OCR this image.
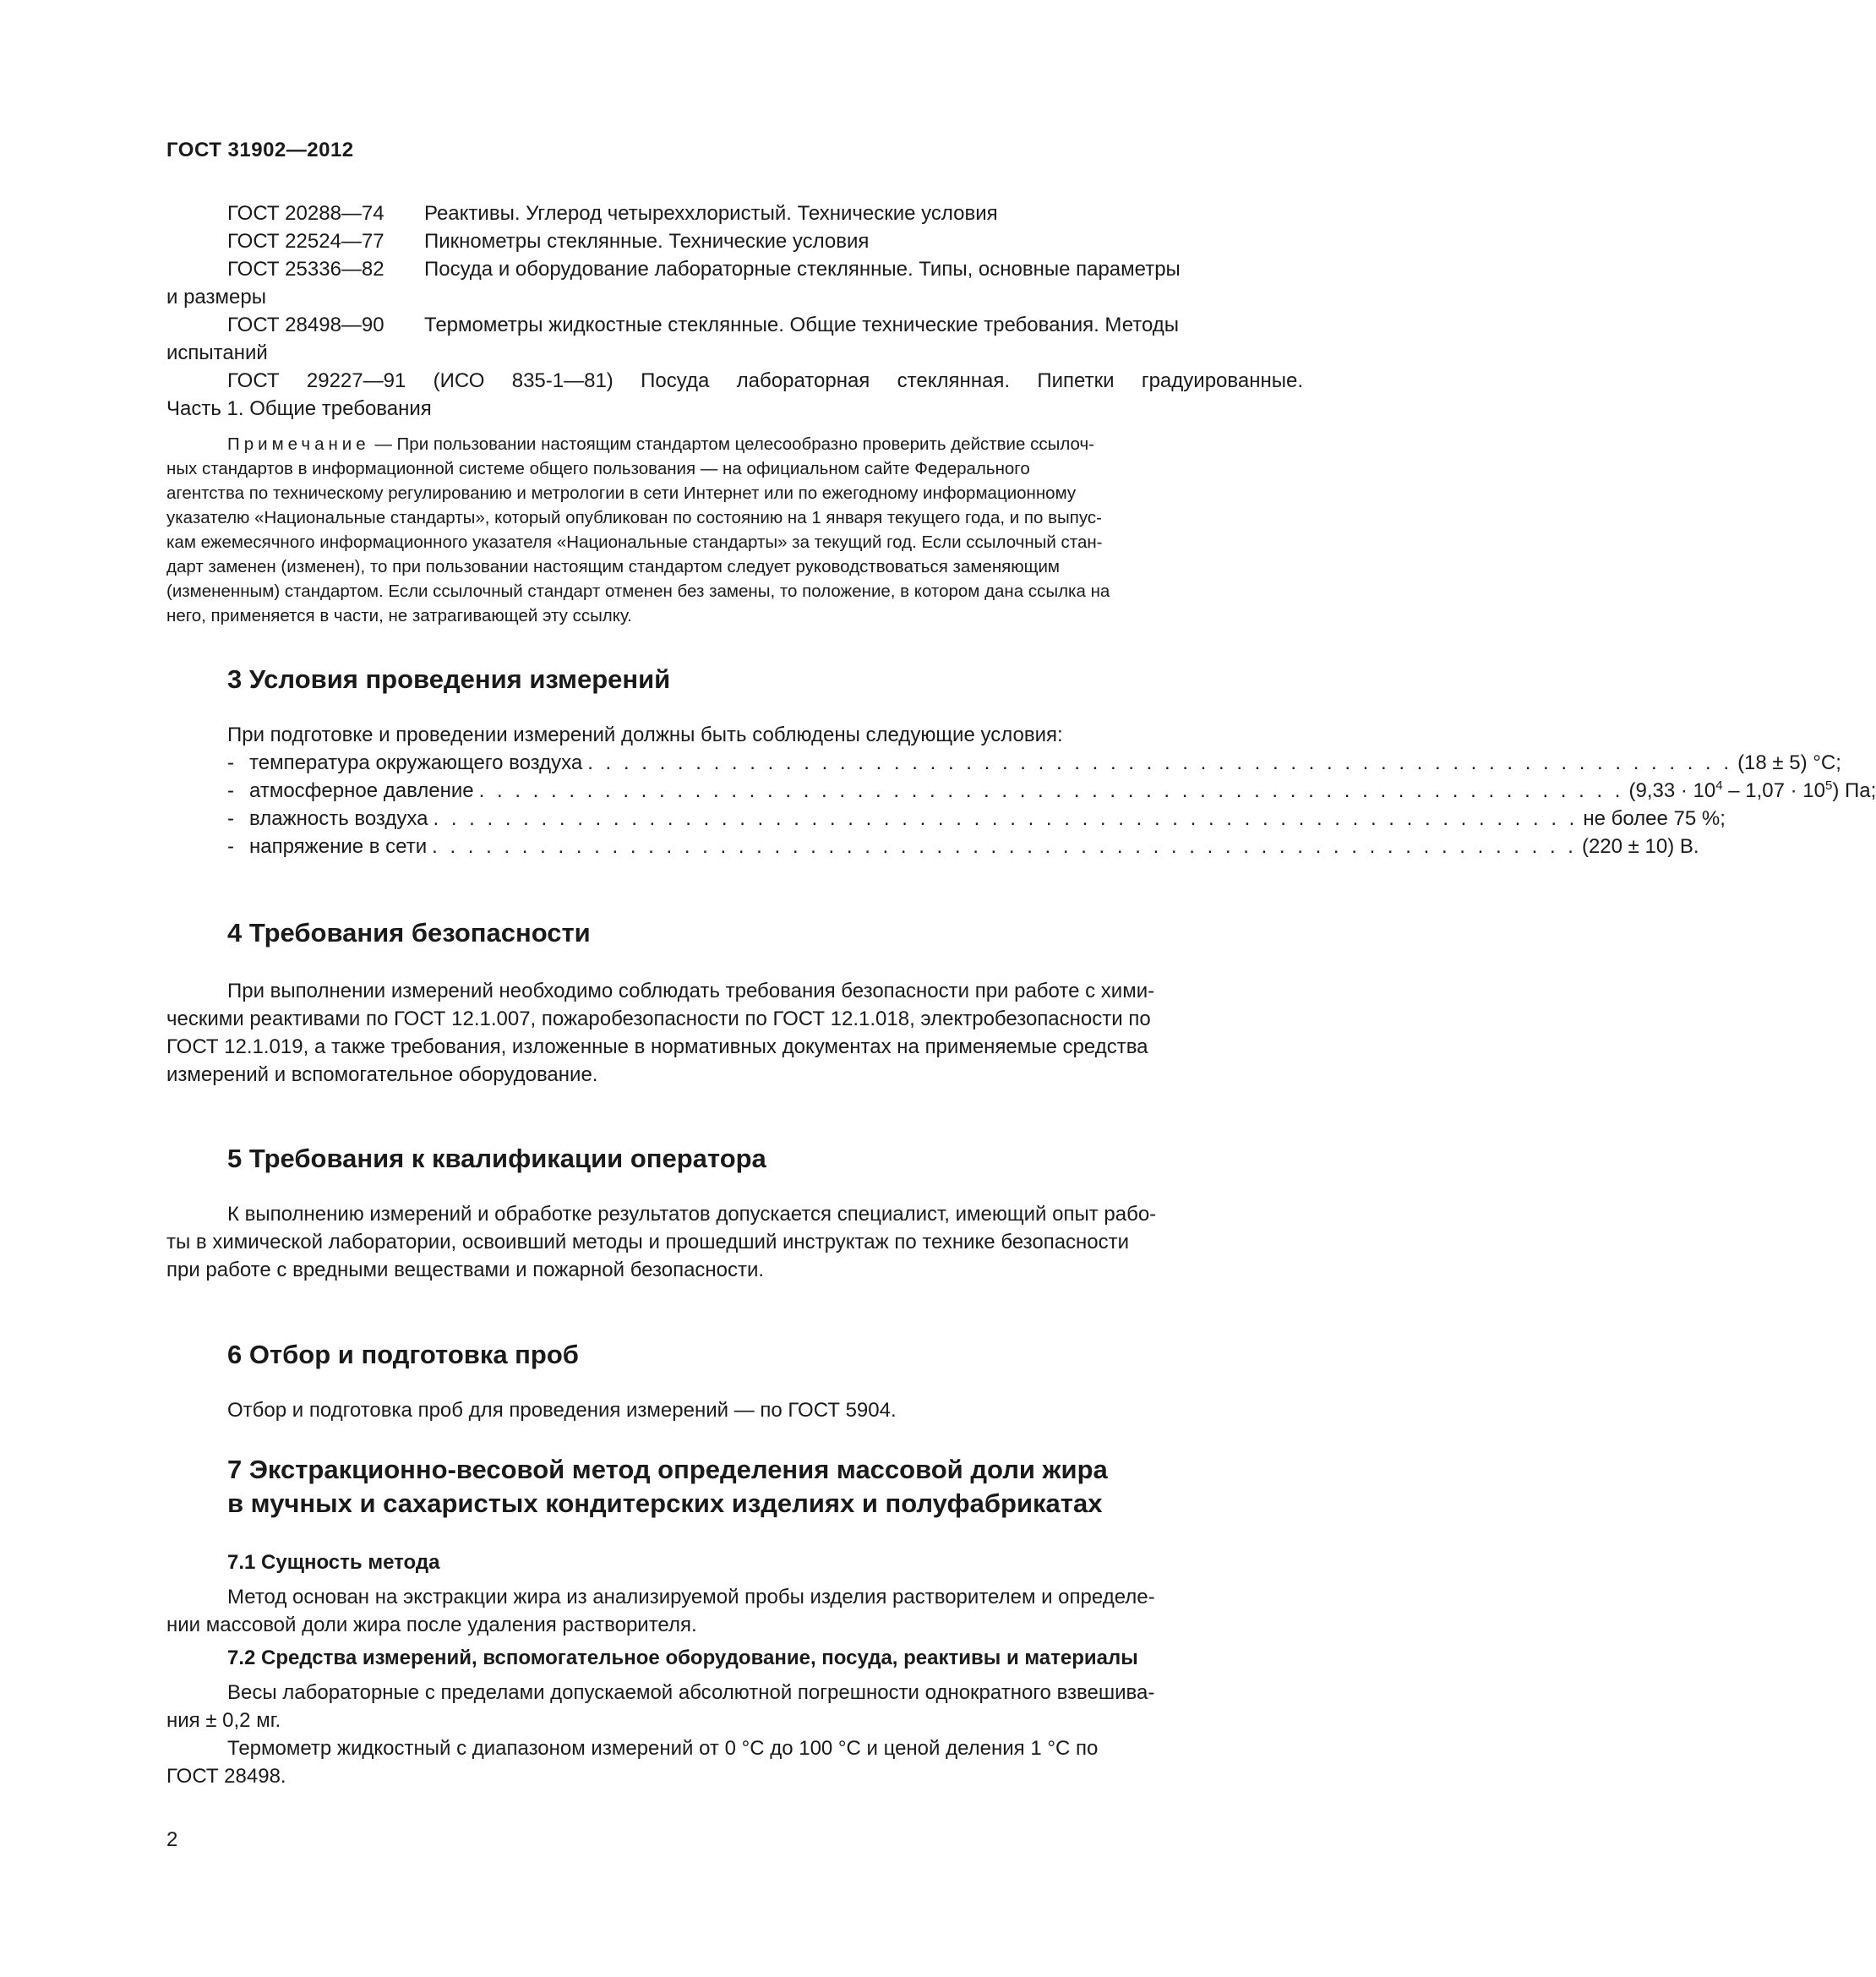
ГОСТ 31902—2012
ГОСТ 20288—74 Реактивы. Углерод четыреххлористый. Технические условия
ГОСТ 22524—77 Пикнометры стеклянные. Технические условия
ГОСТ 25336—82 Посуда и оборудование лабораторные стеклянные. Типы, основные параметры
и размеры
ГОСТ 28498—90 Термометры жидкостные стеклянные. Общие технические требования. Методы
испытаний
ГОСТ 29227—91 (ИСО 835-1—81) Посуда лабораторная стеклянная. Пипетки градуированные.
Часть 1. Общие требования
Примечание — При пользовании настоящим стандартом целесообразно проверить действие ссылоч-
ных стандартов в информационной системе общего пользования — на официальном сайте Федерального
агентства по техническому регулированию и метрологии в сети Интернет или по ежегодному информационному
указателю «Национальные стандарты», который опубликован по состоянию на 1 января текущего года, и по выпус-
кам ежемесячного информационного указателя «Национальные стандарты» за текущий год. Если ссылочный стан-
дарт заменен (изменен), то при пользовании настоящим стандартом следует руководствоваться заменяющим
(измененным) стандартом. Если ссылочный стандарт отменен без замены, то положение, в котором дана ссылка на
него, применяется в части, не затрагивающей эту ссылку.
3 Условия проведения измерений
При подготовке и проведении измерений должны быть соблюдены следующие условия:
- температура окружающего воздуха . . . . . . . . . . . . . . . . . . . . . . . . . . . . . . . . . . . . . . . . . . . . . . . . . . . . . . . . . . . . . . . . (18 ± 5) °С;
- атмосферное давление . . . . . . . . . . . . . . . . . . . . . . . . . . . . . . . . . . . . . . . . . . . . . . . . . . . . . . . . . . . . . . . . $(9,33 \cdot 10^4 - 1,07 \cdot 10^5)$ Па;
- влажность воздуха . . . . . . . . . . . . . . . . . . . . . . . . . . . . . . . . . . . . . . . . . . . . . . . . . . . . . . . . . . . . . . . . не более 75 %;
- напряжение в сети . . . . . . . . . . . . . . . . . . . . . . . . . . . . . . . . . . . . . . . . . . . . . . . . . . . . . . . . . . . . . . . . (220 ± 10) В.
4 Требования безопасности
При выполнении измерений необходимо соблюдать требования безопасности при работе с хими-
ческими реактивами по ГОСТ 12.1.007, пожаробезопасности по ГОСТ 12.1.018, электробезопасности по
ГОСТ 12.1.019, а также требования, изложенные в нормативных документах на применяемые средства
измерений и вспомогательное оборудование.
5 Требования к квалификации оператора
К выполнению измерений и обработке результатов допускается специалист, имеющий опыт рабо-
ты в химической лаборатории, освоивший методы и прошедший инструктаж по технике безопасности
при работе с вредными веществами и пожарной безопасности.
6 Отбор и подготовка проб
Отбор и подготовка проб для проведения измерений — по ГОСТ 5904.
7 Экстракционно-весовой метод определения массовой доли жира
в мучных и сахаристых кондитерских изделиях и полуфабрикатах
7.1 Сущность метода
Метод основан на экстракции жира из анализируемой пробы изделия растворителем и определе-
нии массовой доли жира после удаления растворителя.
7.2 Средства измерений, вспомогательное оборудование, посуда, реактивы и материалы
Весы лабораторные с пределами допускаемой абсолютной погрешности однократного взвешива-
ния ± 0,2 мг.
Термометр жидкостный с диапазоном измерений от 0 °С до 100 °С и ценой деления 1 °С по
ГОСТ 28498.
2
